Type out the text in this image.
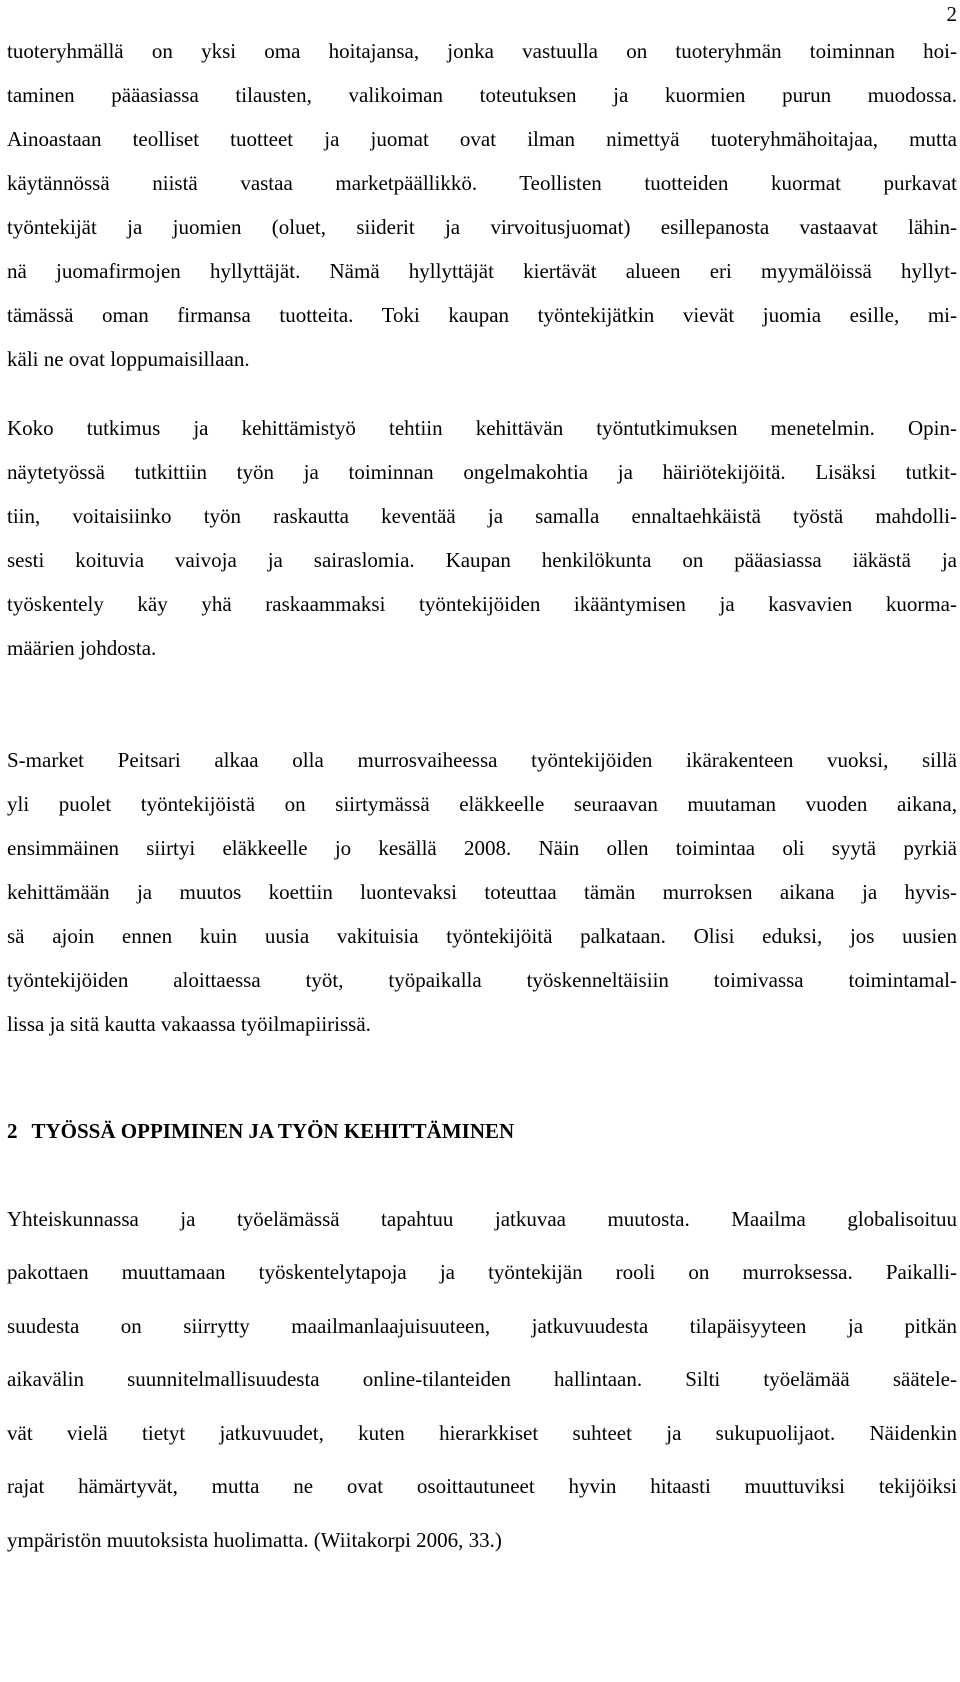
2
tuoteryhmällä on yksi oma hoitajansa, jonka vastuulla on tuoteryhmän toiminnan hoi-
taminen pääasiassa tilausten, valikoiman toteutuksen ja kuormien purun muodossa.
Ainoastaan teolliset tuotteet ja juomat ovat ilman nimettyä tuoteryhmähoitajaa, mutta
käytännössä niistä vastaa marketpäällikkö. Teollisten tuotteiden kuormat purkavat
työntekijät ja juomien (oluet, siiderit ja virvoitusjuomat) esillepanosta vastaavat lähin-
nä juomafirmojen hyllyttäjät. Nämä hyllyttäjät kiertävät alueen eri myymälöissä hyllyt-
tämässä oman firmansa tuotteita. Toki kaupan työntekijätkin vievät juomia esille, mi-
käli ne ovat loppumaisillaan.
Koko tutkimus ja kehittämistyö tehtiin kehittävän työntutkimuksen menetelmin. Opin-
näytetyössä tutkittiin työn ja toiminnan ongelmakohtia ja häiriötekijöitä. Lisäksi tutkit-
tiin, voitaisiinko työn raskautta keventää ja samalla ennaltaehkäistä työstä mahdolli-
sesti koituvia vaivoja ja sairaslomia. Kaupan henkilökunta on pääasiassa iäkästä ja
työskentely käy yhä raskaammaksi työntekijöiden ikääntymisen ja kasvavien kuorma-
määrien johdosta.
S-market Peitsari alkaa olla murrosvaiheessa työntekijöiden ikärakenteen vuoksi, sillä
yli puolet työntekijöistä on siirtymässä eläkkeelle seuraavan muutaman vuoden aikana,
ensimmäinen siirtyi eläkkeelle jo kesällä 2008. Näin ollen toimintaa oli syytä pyrkiä
kehittämään ja muutos koettiin luontevaksi toteuttaa tämän murroksen aikana ja hyvis-
sä ajoin ennen kuin uusia vakituisia työntekijöitä palkataan. Olisi eduksi, jos uusien
työntekijöiden aloittaessa työt, työpaikalla työskenneltäisiin toimivassa toimintamal-
lissa ja sitä kautta vakaassa työilmapiirissä.
2 TYÖSSÄ OPPIMINEN JA TYÖN KEHITTÄMINEN
Yhteiskunnassa ja työelämässä tapahtuu jatkuvaa muutosta. Maailma globalisoituu
pakottaen muuttamaan työskentelytapoja ja työntekijän rooli on murroksessa. Paikalli-
suudesta on siirrytty maailmanlaajuisuuteen, jatkuvuudesta tilapäisyyteen ja pitkän
aikavälin suunnitelmallisuudesta online-tilanteiden hallintaan. Silti työelämää säätele-
vät vielä tietyt jatkuvuudet, kuten hierarkkiset suhteet ja sukupuolijaot. Näidenkin
rajat hämärtyvät, mutta ne ovat osoittautuneet hyvin hitaasti muuttuviksi tekijöiksi
ympäristön muutoksista huolimatta. (Wiitakorpi 2006, 33.)
